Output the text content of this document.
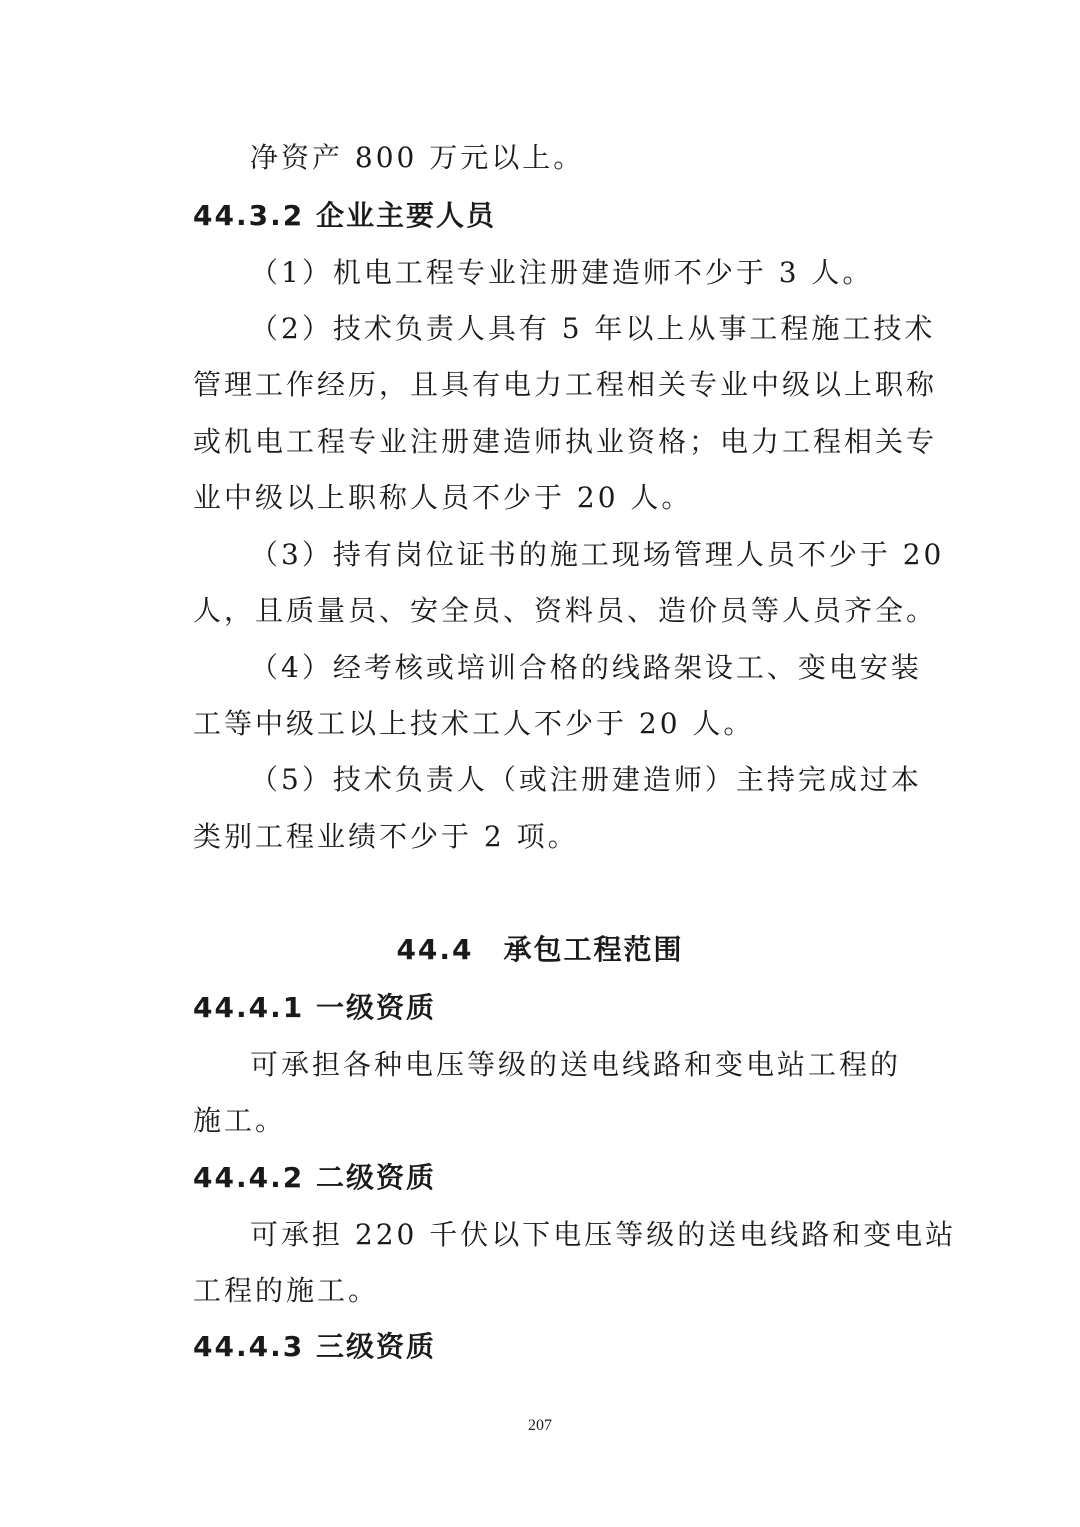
净资产 800 万元以上。
44.3.2 企业主要人员
（1）机电工程专业注册建造师不少于 3 人。
（2）技术负责人具有 5 年以上从事工程施工技术
管理工作经历，且具有电力工程相关专业中级以上职称
或机电工程专业注册建造师执业资格；电力工程相关专
业中级以上职称人员不少于 20 人。
（3）持有岗位证书的施工现场管理人员不少于 20
人，且质量员、安全员、资料员、造价员等人员齐全。
（4）经考核或培训合格的线路架设工、变电安装
工等中级工以上技术工人不少于 20 人。
（5）技术负责人（或注册建造师）主持完成过本
类别工程业绩不少于 2 项。
44.4　承包工程范围
44.4.1 一级资质
可承担各种电压等级的送电线路和变电站工程的
施工。
44.4.2 二级资质
可承担 220 千伏以下电压等级的送电线路和变电站
工程的施工。
44.4.3 三级资质
207
